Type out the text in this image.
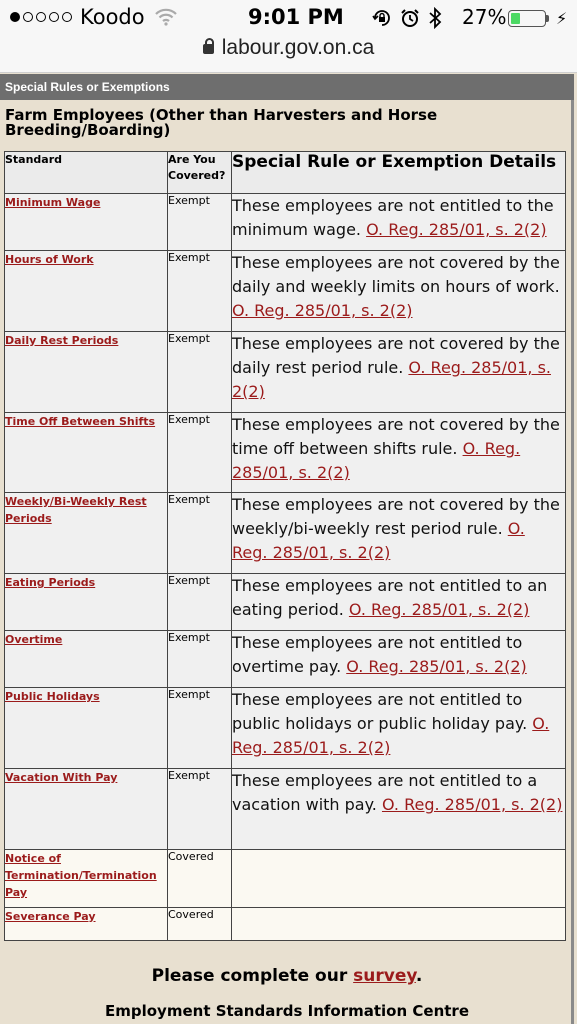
Koodo	9:01 PM	27%	⚡
labour.gov.on.ca
Special Rules or Exemptions
Farm Employees (Other than Harvesters and Horse Breeding/Boarding)
Standard	Are You Covered?	Special Rule or Exemption Details
Minimum Wage	Exempt	These employees are not entitled to the minimum wage. O. Reg. 285/01, s. 2(2)
Hours of Work	Exempt	These employees are not covered by the daily and weekly limits on hours of work. O. Reg. 285/01, s. 2(2)
Daily Rest Periods	Exempt	These employees are not covered by the daily rest period rule. O. Reg. 285/01, s. 2(2)
Time Off Between Shifts	Exempt	These employees are not covered by the time off between shifts rule. O. Reg. 285/01, s. 2(2)
Weekly/Bi-Weekly Rest Periods	Exempt	These employees are not covered by the weekly/bi-weekly rest period rule. O. Reg. 285/01, s. 2(2)
Eating Periods	Exempt	These employees are not entitled to an eating period. O. Reg. 285/01, s. 2(2)
Overtime	Exempt	These employees are not entitled to overtime pay. O. Reg. 285/01, s. 2(2)
Public Holidays	Exempt	These employees are not entitled to public holidays or public holiday pay. O. Reg. 285/01, s. 2(2)
Vacation With Pay	Exempt	These employees are not entitled to a vacation with pay. O. Reg. 285/01, s. 2(2)
Notice of Termination/Termination Pay	Covered	
Severance Pay	Covered	
Please complete our survey.
Employment Standards Information Centre
